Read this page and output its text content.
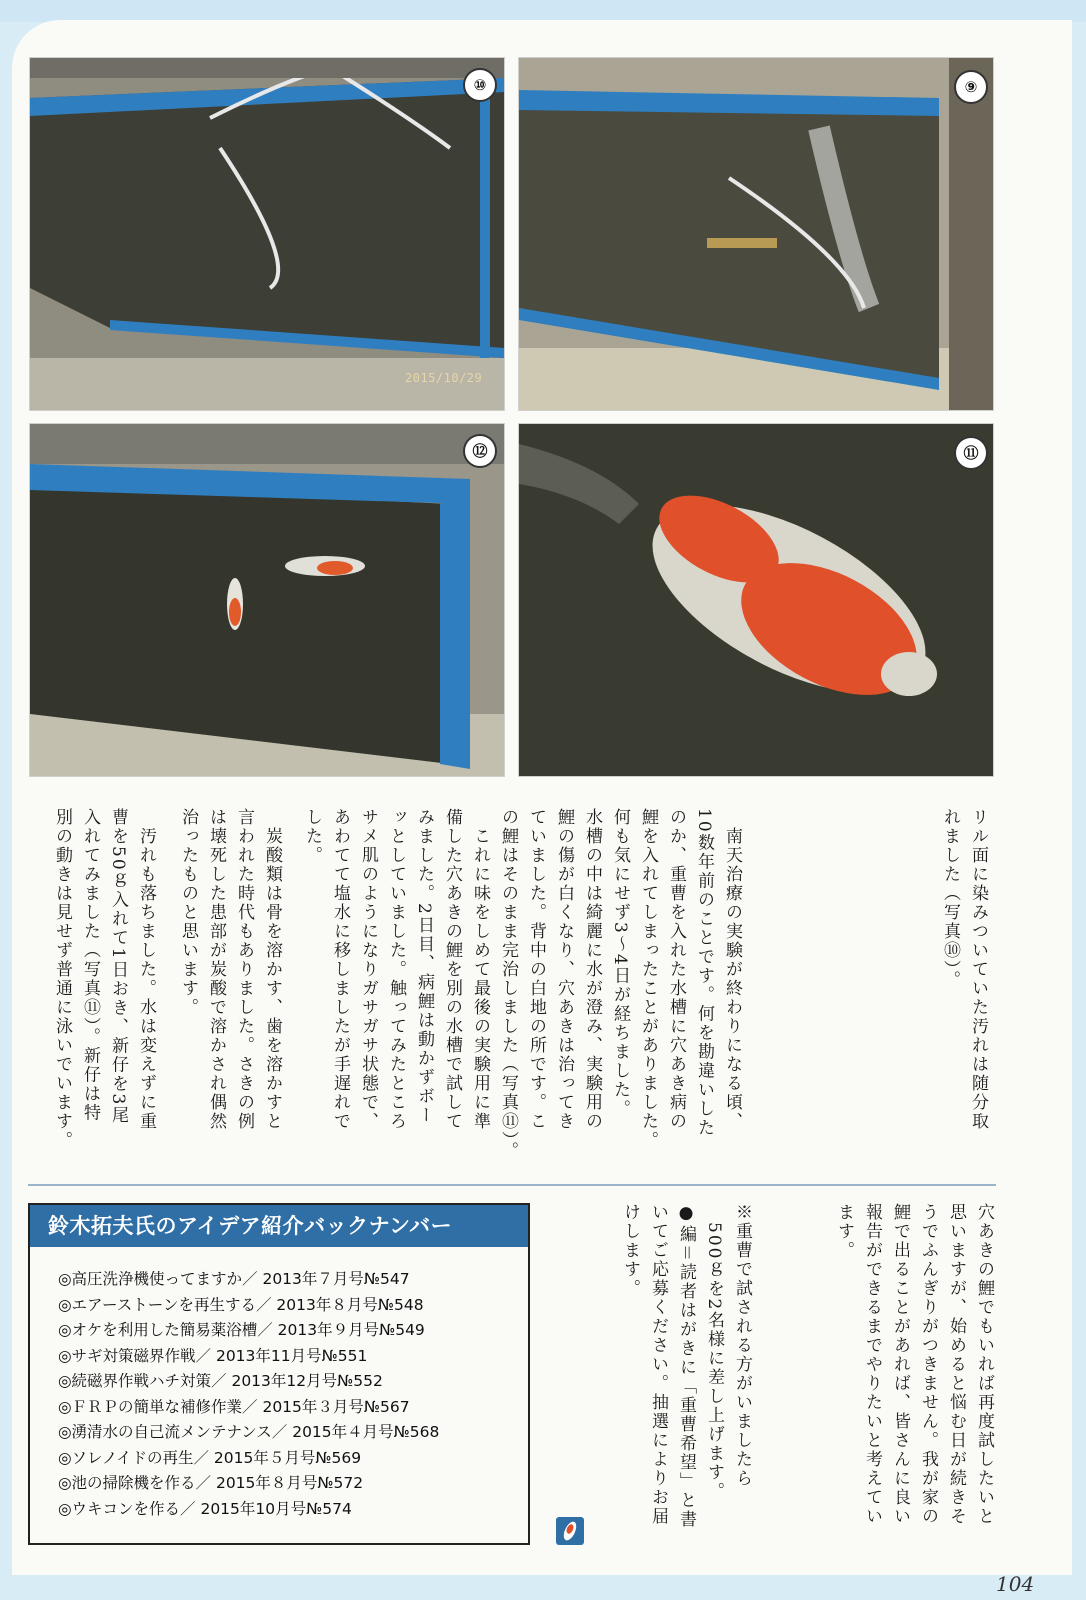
⑩
2015/10/29
⑨
⑫	⑪
リル面に染みついていた汚れは随分取
れました（写真⑩）。
　南天治療の実験が終わりになる頃、
10数年前のことです。何を勘違いした
のか、重曹を入れた水槽に穴あき病の
鯉を入れてしまったことがありました。
何も気にせず3～4日が経ちました。
水槽の中は綺麗に水が澄み、実験用の
鯉の傷が白くなり、穴あきは治ってき
ていました。背中の白地の所です。こ
の鯉はそのまま完治しました（写真⑪）。
　これに味をしめて最後の実験用に準
備した穴あきの鯉を別の水槽で試して
みました。2日目、病鯉は動かずボー
ッとしていました。触ってみたところ
サメ肌のようになりガサガサ状態で、
あわてて塩水に移しましたが手遅れで
した。
　炭酸類は骨を溶かす、歯を溶かすと
言われた時代もありました。さきの例
は壊死した患部が炭酸で溶かされ偶然
治ったものと思います。
　汚れも落ちました。水は変えずに重
曹を50ｇ入れて1日おき、新仔を3尾
入れてみました（写真⑪）。新仔は特
別の動きは見せず普通に泳いでいます。
穴あきの鯉でもいれば再度試したいと
思いますが、始めると悩む日が続きそ
うでふんぎりがつきません。我が家の
鯉で出ることがあれば、皆さんに良い
報告ができるまでやりたいと考えてい
ます。
※重曹で試される方がいましたら
　500ｇを2名様に差し上げます。
●編＝読者はがきに「重曹希望」と書
いてご応募ください。抽選によりお届
けします。
鈴木拓夫氏のアイデア紹介バックナンバー
◎高圧洗浄機使ってますか／ 2013年７月号№547
◎エアーストーンを再生する／ 2013年８月号№548
◎オケを利用した簡易薬浴槽／ 2013年９月号№549
◎サギ対策磁界作戦／ 2013年11月号№551
◎続磁界作戦ハチ対策／ 2013年12月号№552
◎ＦＲＰの簡単な補修作業／ 2015年３月号№567
◎湧清水の自己流メンテナンス／ 2015年４月号№568
◎ソレノイドの再生／ 2015年５月号№569
◎池の掃除機を作る／ 2015年８月号№572
◎ウキコンを作る／ 2015年10月号№574
104
